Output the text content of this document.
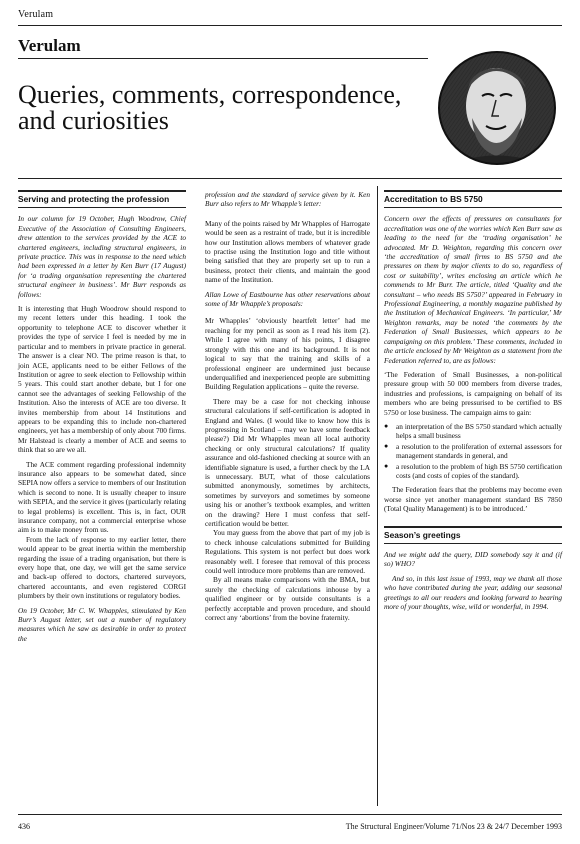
Verulam
Verulam
Queries, comments, correspondence, and curiosities
Serving and protecting the profession

In our column for 19 October, Hugh Woodrow, Chief Executive of the Association of Consulting Engineers, drew attention to the services provided by the ACE to chartered engineers, including structural engineers, in private practice. This was in response to the need which had been expressed in a letter by Ken Burr (17 August) for ‘a trading organisation representing the chartered structural engineer in business’. Mr Burr responds as follows:

It is interesting that Hugh Woodrow should respond to my recent letters under this heading. I took the opportunity to telephone ACE to discover whether it provides the type of service I feel is needed by me in particular and to members in private practice in general. The answer is a clear NO. The prime reason is that, to join ACE, applicants need to be either Fellows of the Institution or agree to seek election to Fellowship within 5 years. This could start another debate, but I for one cannot see the advantages of seeking Fellowship of the Institution. Also the interests of ACE are too diverse. It invites membership from about 14 Institutions and appears to be expanding this to include non-chartered engineers, yet has a membership of only about 700 firms. Mr Halstead is clearly a member of ACE and seems to think that so are we all.

The ACE comment regarding professional indemnity insurance also appears to be somewhat dated, since SEPIA now offers a service to members of our Institution which is second to none. It is usually cheaper to insure with SEPIA, and the service it gives (particularly relating to legal problems) is excellent. This is, in fact, OUR insurance company, not a commercial enterprise whose aim is to make money from us.

From the lack of response to my earlier letter, there would appear to be great inertia within the membership regarding the issue of a trading organisation, but there is every hope that, one day, we will get the same service and back-up offered to doctors, chartered surveyors, chartered accountants, and even registered CORGI plumbers by their own institutions or regulatory bodies.

On 19 October, Mr C. W. Whapples, stimulated by Ken Burr’s August letter, set out a number of regulatory measures which he saw as desirable in order to protect the

profession and the standard of service given by it. Ken Burr also refers to Mr Whapple’s letter:

Many of the points raised by Mr Whapples of Harrogate would be seen as a restraint of trade, but it is incredible how our Institution allows members of whatever grade to practise using the Institution logo and title without being satisfied that they are properly set up to run a business, protect their clients, and maintain the good name of the Institution.

Allan Lowe of Eastbourne has other reservations about some of Mr Whapple’s proposals:

Mr Whapples’ ‘obviously heartfelt letter’ had me reaching for my pencil as soon as I read his item (2). While I agree with many of his points, I disagree strongly with this one and its background. It is not logical to say that the training and skills of a professional engineer are undermined just because underqualified and inexperienced people are submitting Building Regulation applications – quite the reverse.

There may be a case for not checking inhouse structural calculations if self-certification is adopted in England and Wales. (I would like to know how this is progressing in Scotland – may we have some feedback please?) Did Mr Whapples mean all local authority checking or only structural calculations? If quality assurance and old-fashioned checking at source with an identifiable signature is used, a further check by the LA is unnecessary. BUT, what of those calculations submitted anonymously, sometimes by architects, sometimes by surveyors and sometimes by someone using his or another’s textbook examples, and written on the drawing? Here I must confess that self-certification would be better.

You may guess from the above that part of my job is to check inhouse calculations submitted for Building Regulations. This system is not perfect but does work reasonably well. I foresee that removal of this process could well introduce more problems than are removed.

By all means make comparisons with the BMA, but surely the checking of calculations inhouse by a qualified engineer or by outside consultants is a perfectly acceptable and proven procedure, and should correct any ‘abortions’ from the bovine fraternity.

Accreditation to BS 5750

Concern over the effects of pressures on consultants for accreditation was one of the worries which Ken Burr saw as leading to the need for the ‘trading organisation’ he advocated. Mr D. Weighton, regarding this concern over ‘the accreditation of small firms to BS 5750 and the pressures on them by major clients to do so, regardless of cost or suitability’, writes enclosing an article which he commends to Mr Burr. The article, titled ‘Quality and the consultant – who needs BS 5750?’ appeared in February in Professional Engineering, a monthly magazine published by the Institution of Mechanical Engineers. ‘In particular,’ Mr Weighton remarks, may be noted ‘the comments by the Federation of Small Businesses, which appears to be campaigning on this problem.’ These comments, included in the article enclosed by Mr Weighton as a statement from the Federation referred to, are as follows:

‘The Federation of Small Businesses, a non-political pressure group with 50 000 members from diverse trades, industries and professions, is campaigning on behalf of its members who are being pressurised to be certified to BS 5750 or lose business. The campaign aims to gain:

● an interpretation of the BS 5750 standard which actually helps a small business
● a resolution to the proliferation of external assessors for management standards in general, and
● a resolution to the problem of high BS 5750 certification costs (and costs of copies of the standard).

The Federation fears that the problems may become even worse since yet another management standard BS 7850 (Total Quality Management) is to be introduced.’

Season’s greetings

And we might add the query, DID somebody say it and (if so) WHO?

And so, in this last issue of 1993, may we thank all those who have contributed during the year, adding our seasonal greetings to all our readers and looking forward to hearing more of your thoughts, wise, wild or wonderful, in 1994.

436	The Structural Engineer/Volume 71/Nos 23 & 24/7 December 1993
